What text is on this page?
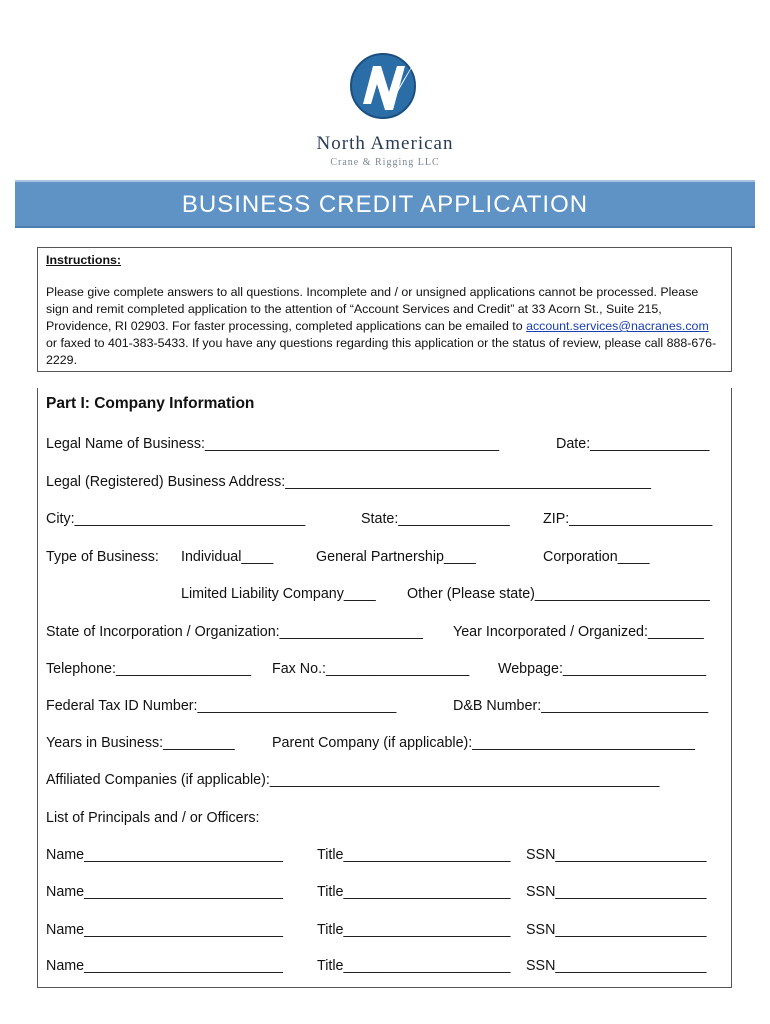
North American
Crane & Rigging LLC
BUSINESS CREDIT APPLICATION
Instructions:
Please give complete answers to all questions. Incomplete and / or unsigned applications cannot be processed. Please sign and remit completed application to the attention of “Account Services and Credit” at 33 Acorn St., Suite 215, Providence, RI 02903. For faster processing, completed applications can be emailed to account.services@nacranes.com or faxed to 401-383-5433. If you have any questions regarding this application or the status of review, please call 888-676-2229.
Part I: Company Information
Legal Name of Business:_____________________________________	Date:_______________
Legal (Registered) Business Address:______________________________________________
City:_____________________________	State:______________ ZIP:__________________
Type of Business: Individual____	General Partnership____	Corporation____
Limited Liability Company____ Other (Please state)______________________
State of Incorporation / Organization:__________________ Year Incorporated / Organized:_______
Telephone:_________________ Fax No.:__________________ Webpage:__________________
Federal Tax ID Number:_________________________	D&B Number:_____________________
Years in Business:_________	Parent Company (if applicable):____________________________
Affiliated Companies (if applicable):_________________________________________________
List of Principals and / or Officers:
Name_________________________ Title_____________________ SSN___________________
Name_________________________ Title_____________________ SSN___________________
Name_________________________ Title_____________________ SSN___________________
Name_________________________ Title_____________________ SSN___________________
